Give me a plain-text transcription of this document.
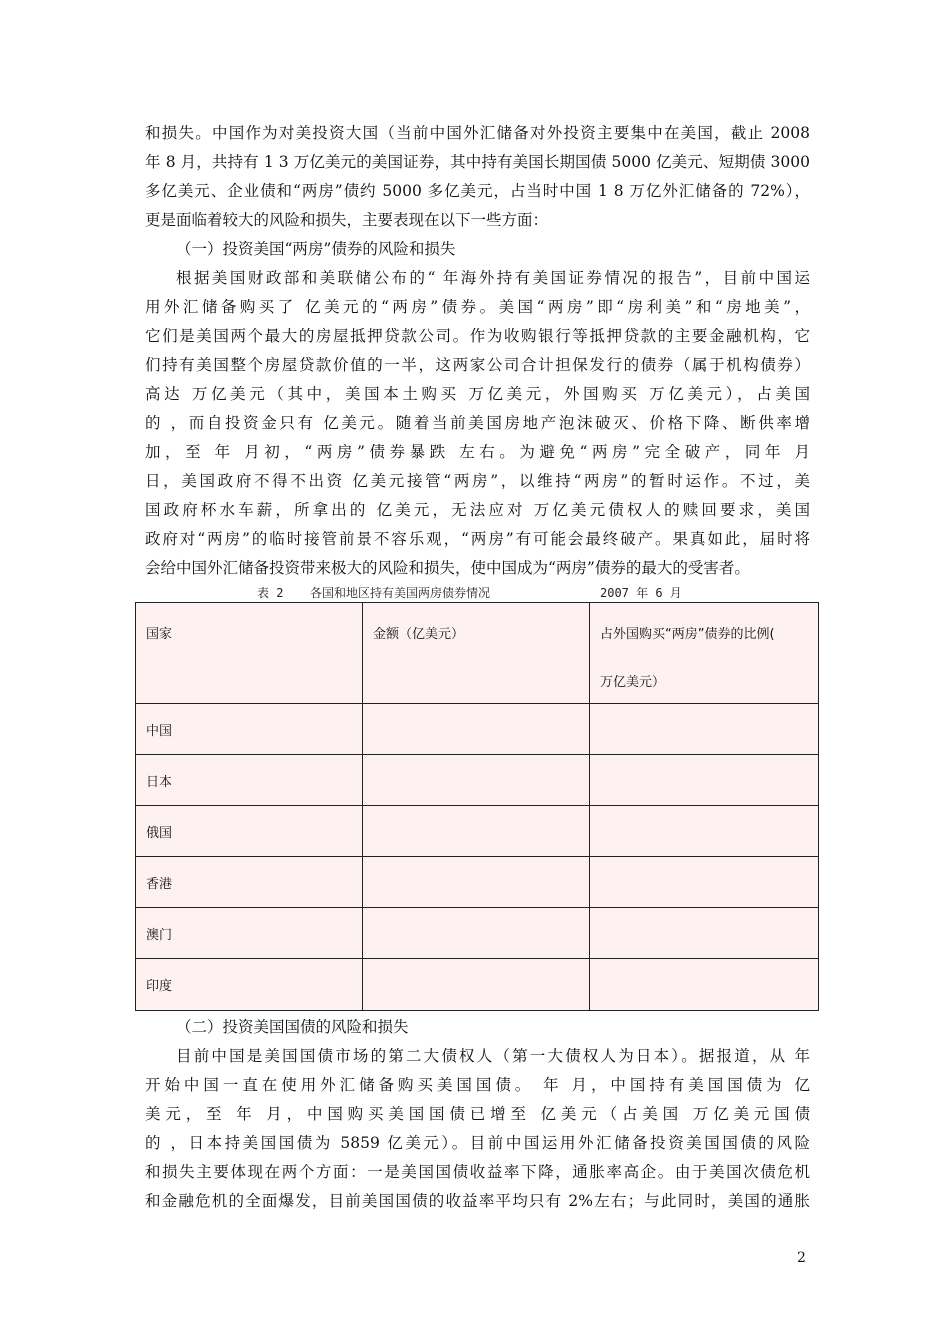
和损失。中国作为对美投资大国（当前中国外汇储备对外投资主要集中在美国，截止 2008
年 8 月，共持有 1 3 万亿美元的美国证券，其中持有美国长期国债 5000 亿美元、短期债 3000
多亿美元、企业债和“两房”债约 5000 多亿美元，占当时中国 1 8 万亿外汇储备的 72%），
更是面临着较大的风险和损失，主要表现在以下一些方面：
（一）投资美国“两房”债券的风险和损失
根据美国财政部和美联储公布的“ 年海外持有美国证券情况的报告”，目前中国运
用外汇储备购买了 亿美元的“两房”债券。美国“两房”即“房利美”和“房地美”，
它们是美国两个最大的房屋抵押贷款公司。作为收购银行等抵押贷款的主要金融机构，它
们持有美国整个房屋贷款价值的一半，这两家公司合计担保发行的债券（属于机构债券）
高达 万亿美元（其中，美国本土购买 万亿美元，外国购买 万亿美元），占美国
的 ，而自投资金只有 亿美元。随着当前美国房地产泡沫破灭、价格下降、断供率增
加，至 年 月初，“两房”债券暴跌 左右。为避免“两房”完全破产，同年 月
日，美国政府不得不出资 亿美元接管“两房”，以维持“两房”的暂时运作。不过，美
国政府杯水车薪，所拿出的 亿美元，无法应对 万亿美元债权人的赎回要求，美国
政府对“两房”的临时接管前景不容乐观，“两房”有可能会最终破产。果真如此，届时将
会给中国外汇储备投资带来极大的风险和损失，使中国成为“两房”债券的最大的受害者。
表 2 各国和地区持有美国两房债券情况	2007 年 6 月
国家	金额（亿美元）	占外国购买“两房”债券的比例(
万亿美元）

中国		
日本		
俄国		
香港		
澳门		
印度		
（二）投资美国国债的风险和损失
目前中国是美国国债市场的第二大债权人（第一大债权人为日本）。据报道，从 年
开始中国一直在使用外汇储备购买美国国债。 年 月，中国持有美国国债为 亿
美元，至 年 月，中国购买美国国债已增至 亿美元（占美国 万亿美元国债
的 ，日本持美国国债为 5859 亿美元）。目前中国运用外汇储备投资美国国债的风险
和损失主要体现在两个方面：一是美国国债收益率下降，通胀率高企。由于美国次债危机
和金融危机的全面爆发，目前美国国债的收益率平均只有 2%左右；与此同时，美国的通胀
2
